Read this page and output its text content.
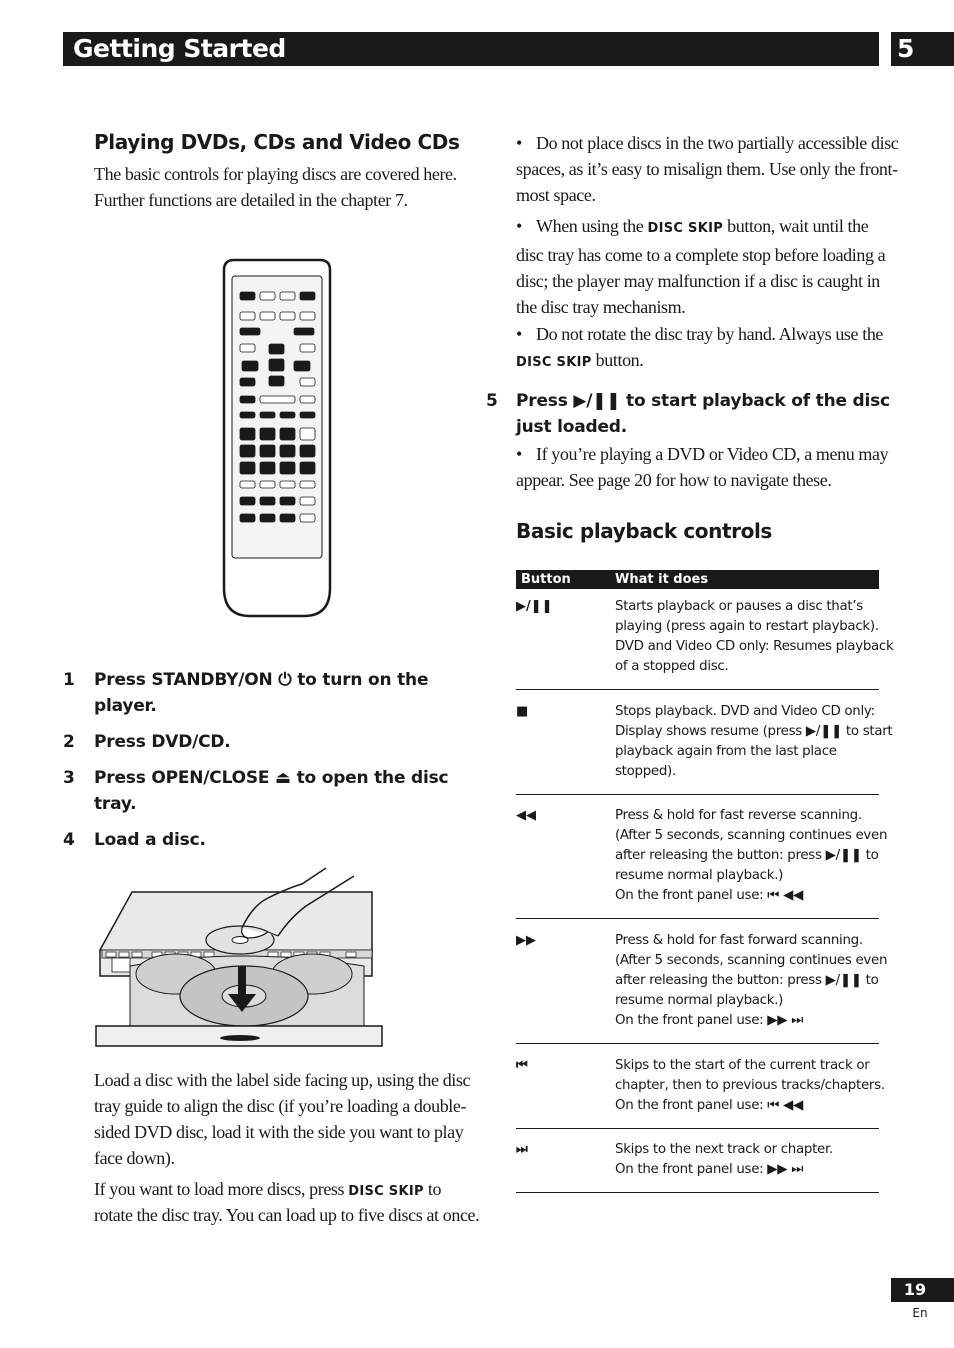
Getting Started	5
Playing DVDs, CDs and Video CDs

The basic controls for playing discs are covered here.

Further functions are detailed in the chapter 7.

1 Press STANDBY/ON ⏻ to turn on the
player.
2 Press DVD/CD.
3 Press OPEN/CLOSE ⏏ to open the disc
tray.
4 Load a disc.

Load a disc with the label side facing up, using the disc

tray guide to align the disc (if you’re loading a double-

sided DVD disc, load it with the side you want to play

face down).

If you want to load more discs, press DISC SKIP to

rotate the disc tray. You can load up to five discs at once.

• Do not place discs in the two partially accessible disc
spaces, as it’s easy to misalign them. Use only the front-
most space.
• When using the DISC SKIP button, wait until the
disc tray has come to a complete stop before loading a
disc; the player may malfunction if a disc is caught in
the disc tray mechanism.
• Do not rotate the disc tray by hand. Always use the
DISC SKIP button.
5 Press ▶/❚❚ to start playback of the disc
just loaded.
• If you’re playing a DVD or Video CD, a menu may
appear. See page 20 for how to navigate these.
Basic playback controls
Button	What it does
▶/❚❚	Starts playback or pauses a disc that’s
playing (press again to restart playback).
DVD and Video CD only: Resumes playback
of a stopped disc.
■	Stops playback. DVD and Video CD only:
Display shows resume (press ▶/❚❚ to start
playback again from the last place
stopped).
◀◀	Press & hold for fast reverse scanning.
(After 5 seconds, scanning continues even
after releasing the button: press ▶/❚❚ to
resume normal playback.)
On the front panel use: ⏮ ◀◀
▶▶	Press & hold for fast forward scanning.
(After 5 seconds, scanning continues even
after releasing the button: press ▶/❚❚ to
resume normal playback.)
On the front panel use: ▶▶ ⏭
⏮	Skips to the start of the current track or
chapter, then to previous tracks/chapters.
On the front panel use: ⏮ ◀◀
⏭	Skips to the next track or chapter.
On the front panel use: ▶▶ ⏭
19
En
